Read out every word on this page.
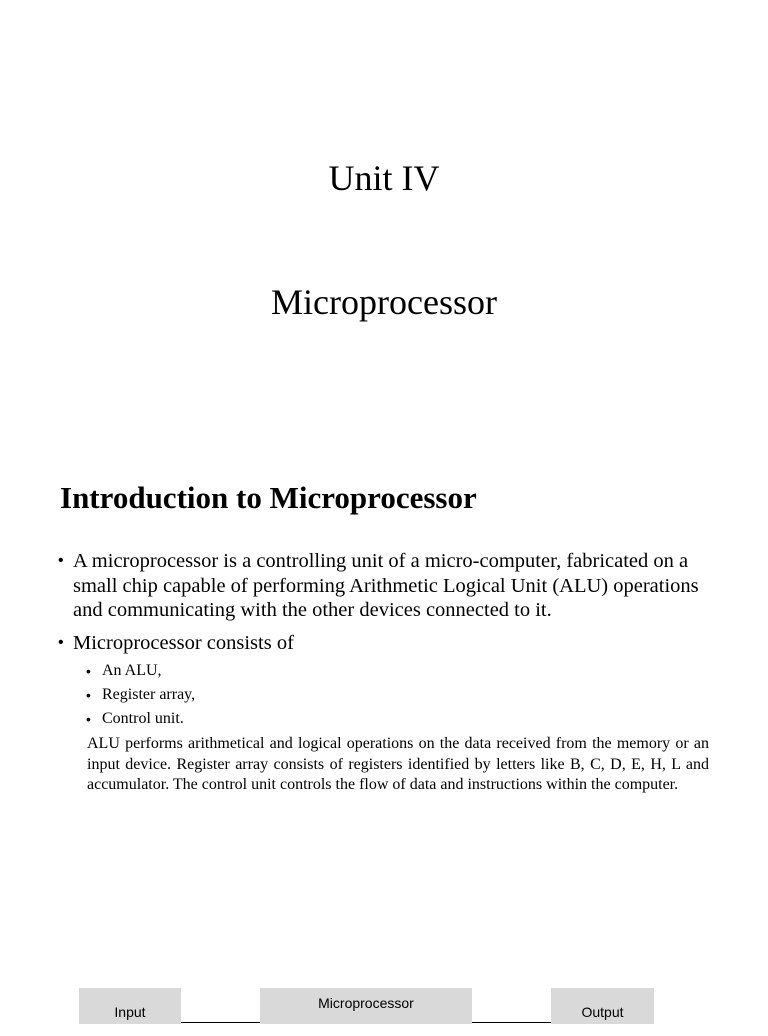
Unit IV
Microprocessor
Introduction to Microprocessor
• A microprocessor is a controlling unit of a micro-computer, fabricated on a small chip capable of performing Arithmetic Logical Unit (ALU) operations and communicating with the other devices connected to it.
• Microprocessor consists of
• An ALU,
• Register array,
• Control unit.
ALU performs arithmetical and logical operations on the data received from the memory or an input device. Register array consists of registers identified by letters like B, C, D, E, H, L and accumulator. The control unit controls the flow of data and instructions within the computer.
Input
Microprocessor
Output
